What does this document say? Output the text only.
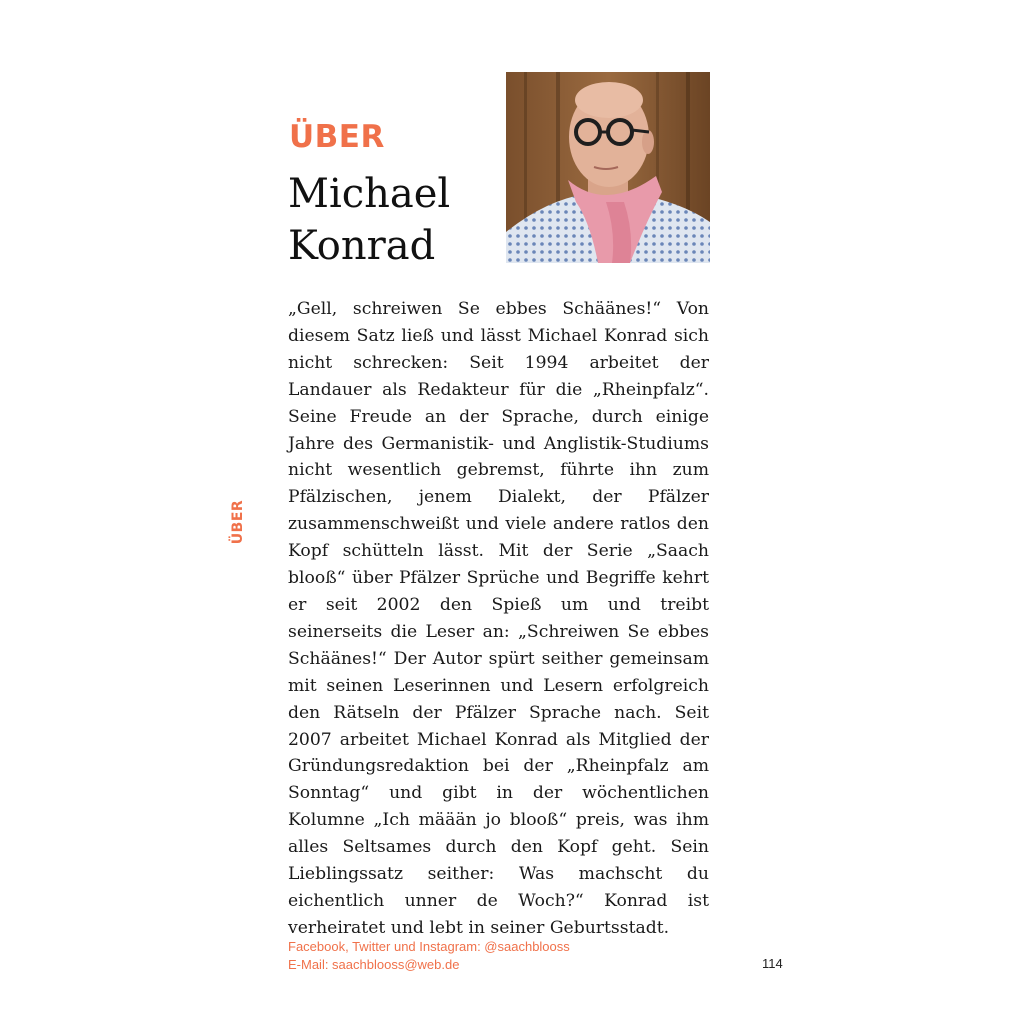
ÜBER
Michael
Konrad
ÜBER

„Gell, schreiwen Se ebbes Schäänes!“ Von diesem Satz ließ und lässt Michael Konrad sich nicht schrecken: Seit 1994 arbeitet der Landauer als Redakteur für die „Rheinpfalz“. Seine Freude an der Sprache, durch einige Jahre des Germanistik- und Anglistik-Studiums nicht wesentlich gebremst, führte ihn zum Pfälzischen, jenem Dialekt, der Pfälzer zusammenschweißt und viele andere ratlos den Kopf schütteln lässt. Mit der Serie „Saach blooß“ über Pfälzer Sprüche und Begriffe kehrt er seit 2002 den Spieß um und treibt seinerseits die Leser an: „Schreiwen Se ebbes Schäänes!“ Der Autor spürt seither gemeinsam mit seinen Leserinnen und Lesern erfolgreich den Rätseln der Pfälzer Sprache nach. Seit 2007 arbeitet Michael Konrad als Mitglied der Gründungsredaktion bei der „Rheinpfalz am Sonntag“ und gibt in der wöchentlichen Kolumne „Ich määän jo blooß“ preis, was ihm alles Seltsames durch den Kopf geht. Sein Lieblingssatz seither: Was machscht du eichentlich unner de Woch?“ Konrad ist verheiratet und lebt in seiner Geburtsstadt.

Facebook, Twitter und Instagram: @saachblooss
E-Mail: saachblooss@web.de	114
